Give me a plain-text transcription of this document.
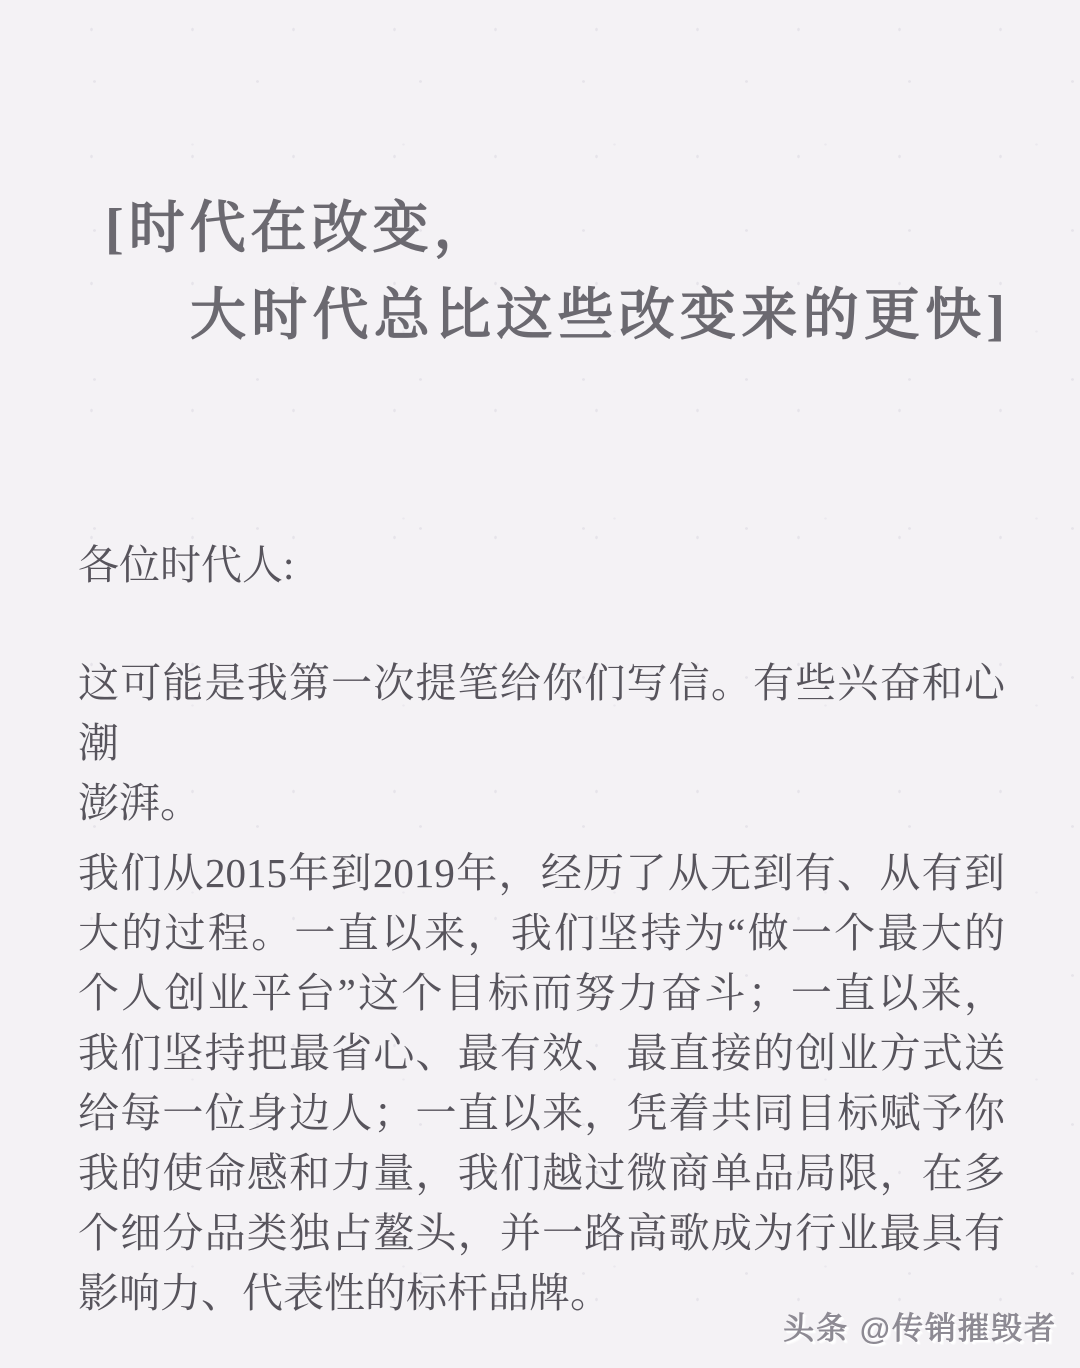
[时代在改变，
大时代总比这些改变来的更快]
各位时代人:
这可能是我第一次提笔给你们写信。有些兴奋和心潮
澎湃。
我们从2015年到2019年，经历了从无到有、从有到
大的过程。一直以来，我们坚持为“做一个最大的
个人创业平台”这个目标而努力奋斗；一直以来，
我们坚持把最省心、最有效、最直接的创业方式送
给每一位身边人；一直以来，凭着共同目标赋予你
我的使命感和力量，我们越过微商单品局限，在多
个细分品类独占鳌头，并一路高歌成为行业最具有
影响力、代表性的标杆品牌。
头条 @传销摧毁者
